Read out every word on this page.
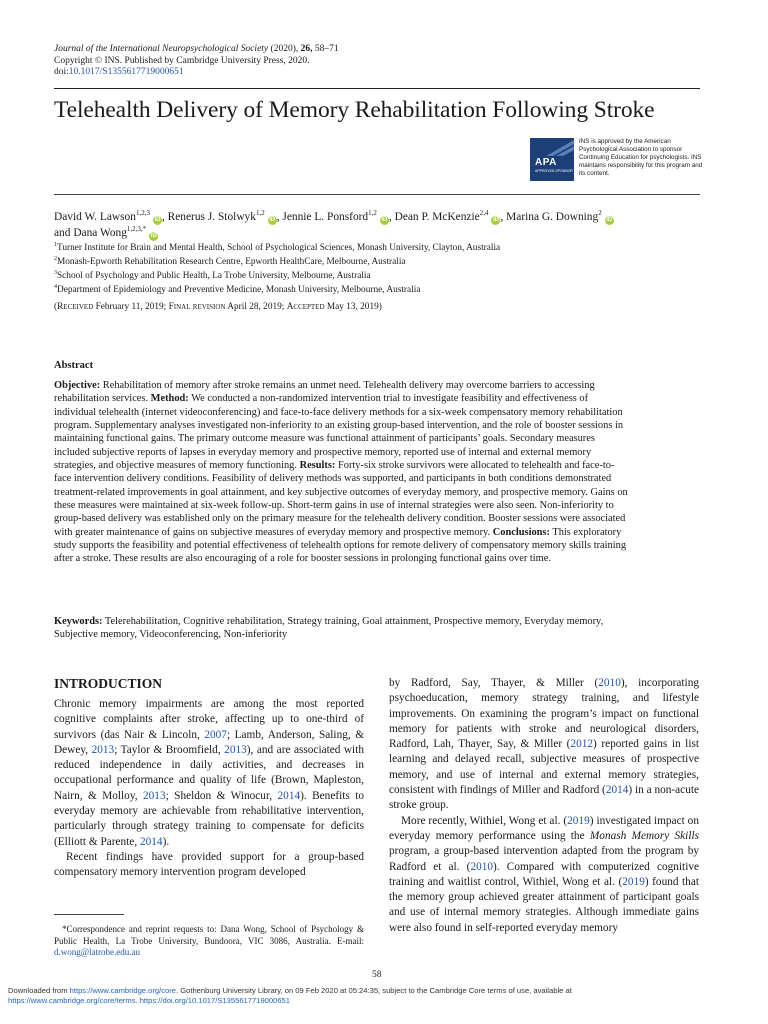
Journal of the International Neuropsychological Society (2020), 26, 58–71
Copyright © INS. Published by Cambridge University Press, 2020.
doi:10.1017/S1355617719000651
Telehealth Delivery of Memory Rehabilitation Following Stroke
APA
APPROVED SPONSOR
INS is approved by the American Psychological Association to sponsor Continuing Education for psychologists. INS maintains responsibility for this program and its content.
David W. Lawson$^{1,2,3}$iD , Renerus J. Stolwyk$^{1,2}$iD , Jennie L. Ponsford$^{1,2}$iD , Dean P. McKenzie$^{2,4}$iD , Marina G. Downing$^2$iD
and Dana Wong$^{1,2,3,*}$iD
$^1$Turner Institute for Brain and Mental Health, School of Psychological Sciences, Monash University, Clayton, Australia
$^2$Monash-Epworth Rehabilitation Research Centre, Epworth HealthCare, Melbourne, Australia
$^3$School of Psychology and Public Health, La Trobe University, Melbourne, Australia
$^4$Department of Epidemiology and Preventive Medicine, Monash University, Melbourne, Australia
(Received February 11, 2019; Final revision April 28, 2019; Accepted May 13, 2019)
Abstract
Objective: Rehabilitation of memory after stroke remains an unmet need. Telehealth delivery may overcome barriers to accessing rehabilitation services. Method: We conducted a non-randomized intervention trial to investigate feasibility and effectiveness of individual telehealth (internet videoconferencing) and face-to-face delivery methods for a six-week compensatory memory rehabilitation program. Supplementary analyses investigated non-inferiority to an existing group-based intervention, and the role of booster sessions in maintaining functional gains. The primary outcome measure was functional attainment of participants’ goals. Secondary measures included subjective reports of lapses in everyday memory and prospective memory, reported use of internal and external memory strategies, and objective measures of memory functioning. Results: Forty-six stroke survivors were allocated to telehealth and face-to-face intervention delivery conditions. Feasibility of delivery methods was supported, and participants in both conditions demonstrated treatment-related improvements in goal attainment, and key subjective outcomes of everyday memory, and prospective memory. Gains on these measures were maintained at six-week follow-up. Short-term gains in use of internal strategies were also seen. Non-inferiority to group-based delivery was established only on the primary measure for the telehealth delivery condition. Booster sessions were associated with greater maintenance of gains on subjective measures of everyday memory and prospective memory. Conclusions: This exploratory study supports the feasibility and potential effectiveness of telehealth options for remote delivery of compensatory memory skills training after a stroke. These results are also encouraging of a role for booster sessions in prolonging functional gains over time.
Keywords: Telerehabilitation, Cognitive rehabilitation, Strategy training, Goal attainment, Prospective memory, Everyday memory, Subjective memory, Videoconferencing, Non-inferiority
INTRODUCTION

Chronic memory impairments are among the most reported cognitive complaints after stroke, affecting up to one-third of survivors (das Nair & Lincoln, 2007; Lamb, Anderson, Saling, & Dewey, 2013; Taylor & Broomfield, 2013), and are associated with reduced independence in daily activities, and decreases in occupational performance and quality of life (Brown, Mapleston, Nairn, & Molloy, 2013; Sheldon & Winocur, 2014). Benefits to everyday memory are achievable from rehabilitative intervention, particularly through strategy training to compensate for deficits (Elliott & Parente, 2014).

Recent findings have provided support for a group-based compensatory memory intervention program developed

by Radford, Say, Thayer, & Miller (2010), incorporating psychoeducation, memory strategy training, and lifestyle improvements. On examining the program’s impact on functional memory for patients with stroke and neurological disorders, Radford, Lah, Thayer, Say, & Miller (2012) reported gains in list learning and delayed recall, subjective measures of prospective memory, and use of internal and external memory strategies, consistent with findings of Miller and Radford (2014) in a non-acute stroke group.

More recently, Withiel, Wong et al. (2019) investigated impact on everyday memory performance using the Monash Memory Skills program, a group-based intervention adapted from the program by Radford et al. (2010). Compared with computerized cognitive training and waitlist control, Withiel, Wong et al. (2019) found that the memory group achieved greater attainment of participant goals and use of internal memory strategies. Although immediate gains were also found in self-reported everyday memory

*Correspondence and reprint requests to: Dana Wong, School of Psychology & Public Health, La Trobe University, Bundoora, VIC 3086, Australia. E-mail: d.wong@latrobe.edu.au
58
Downloaded from https://www.cambridge.org/core. Gothenburg University Library, on 09 Feb 2020 at 05:24:35, subject to the Cambridge Core terms of use, available at
https://www.cambridge.org/core/terms. https://doi.org/10.1017/S1355617719000651
